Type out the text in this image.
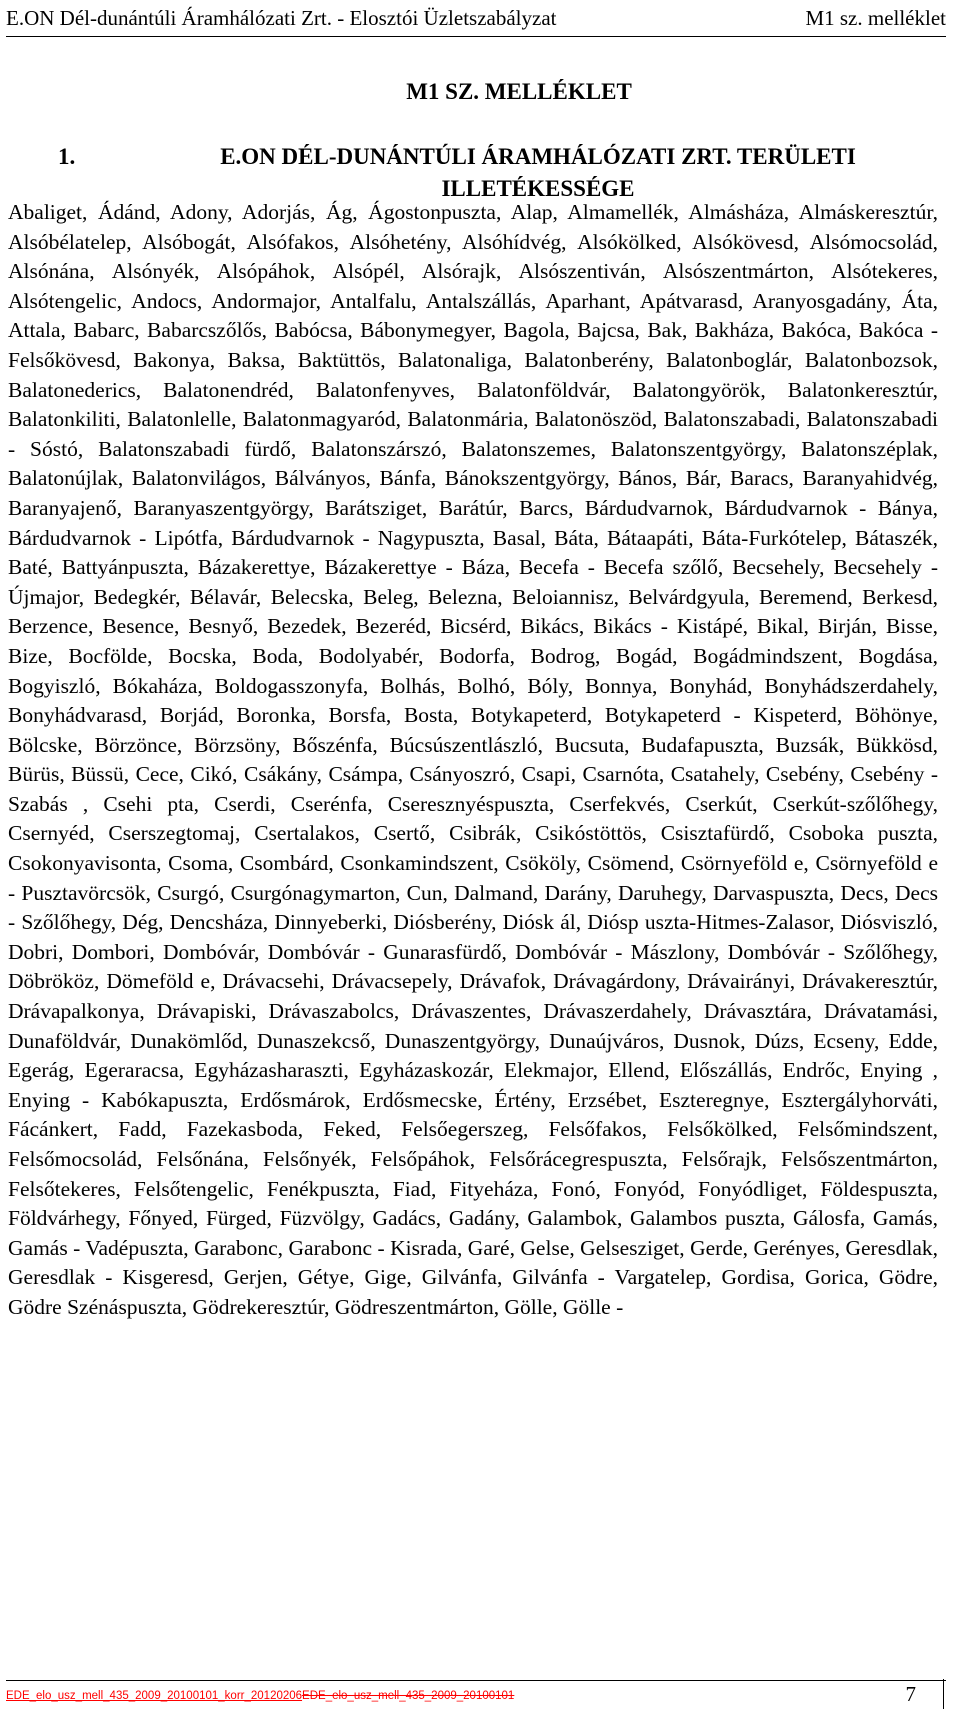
E.ON Dél-dunántúli Áramhálózati Zrt. - Elosztói Üzletszabályzat	M1 sz. melléklet
M1 SZ. MELLÉKLET
1.	E.ON DÉL-DUNÁNTÚLI ÁRAMHÁLÓZATI ZRT. TERÜLETI ILLETÉKESSÉGE

Abaliget, Ádánd, Adony, Adorjás, Ág, Ágostonpuszta, Alap, Almamellék, Almásháza, Almáskeresztúr, Alsóbélatelep, Alsóbogát, Alsófakos, Alsóhetény, Alsóhídvég, Alsókölked, Alsókövesd, Alsómocsolád, Alsónána, Alsónyék, Alsópáhok, Alsópél, Alsórajk, Alsószentiván, Alsószentmárton, Alsótekeres, Alsótengelic, Andocs, Andormajor, Antalfalu, Antalszállás, Aparhant, Apátvarasd, Aranyosgadány, Áta, Attala, Babarc, Babarcszőlős, Babócsa, Bábonymegyer, Bagola, Bajcsa, Bak, Bakháza, Bakóca, Bakóca - Felsőkövesd, Bakonya, Baksa, Baktüttös, Balatonaliga, Balatonberény, Balatonboglár, Balatonbozsok, Balatonederics, Balatonendréd, Balatonfenyves, Balatonföldvár, Balatongyörök, Balatonkeresztúr, Balatonkiliti, Balatonlelle, Balatonmagyaród, Balatonmária, Balatonöszöd, Balatonszabadi, Balatonszabadi - Sóstó, Balatonszabadi fürdő, Balatonszárszó, Balatonszemes, Balatonszentgyörgy, Balatonszéplak, Balatonújlak, Balatonvilágos, Bálványos, Bánfa, Bánokszentgyörgy, Bános, Bár, Baracs, Baranyahidvég, Baranyajenő, Baranyaszentgyörgy, Barátsziget, Barátúr, Barcs, Bárdudvarnok, Bárdudvarnok - Bánya, Bárdudvarnok - Lipótfa, Bárdudvarnok - Nagypuszta, Basal, Báta, Bátaapáti, Báta-Furkótelep, Bátaszék, Baté, Battyánpuszta, Bázakerettye, Bázakerettye - Báza, Becefa - Becefa szőlő, Becsehely, Becsehely - Újmajor, Bedegkér, Bélavár, Belecska, Beleg, Belezna, Beloiannisz, Belvárdgyula, Beremend, Berkesd, Berzence, Besence, Besnyő, Bezedek, Bezeréd, Bicsérd, Bikács, Bikács - Kistápé, Bikal, Birján, Bisse, Bize, Bocfölde, Bocska, Boda, Bodolyabér, Bodorfa, Bodrog, Bogád, Bogádmindszent, Bogdása, Bogyiszló, Bókaháza, Boldogasszonyfa, Bolhás, Bolhó, Bóly, Bonnya, Bonyhád, Bonyhádszerdahely, Bonyhádvarasd, Borjád, Boronka, Borsfa, Bosta, Botykapeterd, Botykapeterd - Kispeterd, Böhönye, Bölcske, Börzönce, Börzsöny, Bőszénfa, Búcsúszentlászló, Bucsuta, Budafapuszta, Buzsák, Bükkösd, Bürüs, Büssü, Cece, Cikó, Csákány, Csámpa, Csányoszró, Csapi, Csarnóta, Csatahely, Csebény, Csebény - Szabás , Csehi pta, Cserdi, Cserénfa, Cseresznyéspuszta, Cserfekvés, Cserkút, Cserkút-szőlőhegy, Csernyéd, Cserszegtomaj, Csertalakos, Csertő, Csibrák, Csikóstöttös, Csisztafürdő, Csoboka puszta, Csokonyavisonta, Csoma, Csombárd, Csonkamindszent, Csököly, Csömend, Csörnyeföld e, Csörnyeföld e - Pusztavörcsök, Csurgó, Csurgónagymarton, Cun, Dalmand, Darány, Daruhegy, Darvaspuszta, Decs, Decs - Szőlőhegy, Dég, Dencsháza, Dinnyeberki, Diósberény, Diósk ál, Diósp uszta-Hitmes-Zalasor, Diósviszló, Dobri, Dombori, Dombóvár, Dombóvár - Gunarasfürdő, Dombóvár - Mászlony, Dombóvár - Szőlőhegy, Döbrököz, Dömeföld e, Drávacsehi, Drávacsepely, Drávafok, Drávagárdony, Drávairányi, Drávakeresztúr, Drávapalkonya, Drávapiski, Drávaszabolcs, Drávaszentes, Drávaszerdahely, Drávasztára, Drávatamási, Dunaföldvár, Dunakömlőd, Dunaszekcső, Dunaszentgyörgy, Dunaújváros, Dusnok, Dúzs, Ecseny, Edde, Egerág, Egeraracsa, Egyházasharaszti, Egyházaskozár, Elekmajor, Ellend, Előszállás, Endrőc, Enying , Enying - Kabókapuszta, Erdősmárok, Erdősmecske, Értény, Erzsébet, Eszteregnye, Esztergályhorváti, Fácánkert, Fadd, Fazekasboda, Feked, Felsőegerszeg, Felsőfakos, Felsőkölked, Felsőmindszent, Felsőmocsolád, Felsőnána, Felsőnyék, Felsőpáhok, Felsőrácegrespuszta, Felsőrajk, Felsőszentmárton, Felsőtekeres, Felsőtengelic, Fenékpuszta, Fiad, Fityeháza, Fonó, Fonyód, Fonyódliget, Földespuszta, Földvárhegy, Főnyed, Fürged, Füzvölgy, Gadács, Gadány, Galambok, Galambos puszta, Gálosfa, Gamás, Gamás - Vadépuszta, Garabonc, Garabonc - Kisrada, Garé, Gelse, Gelsesziget, Gerde, Gerényes, Geresdlak, Geresdlak - Kisgeresd, Gerjen, Gétye, Gige, Gilvánfa, Gilvánfa - Vargatelep, Gordisa, Gorica, Gödre, Gödre Szénáspuszta, Gödrekeresztúr, Gödreszentmárton, Gölle, Gölle -

EDE_elo_usz_mell_435_2009_20100101_korr_20120206EDE_elo_usz_mell_435_2009_20100101	7
